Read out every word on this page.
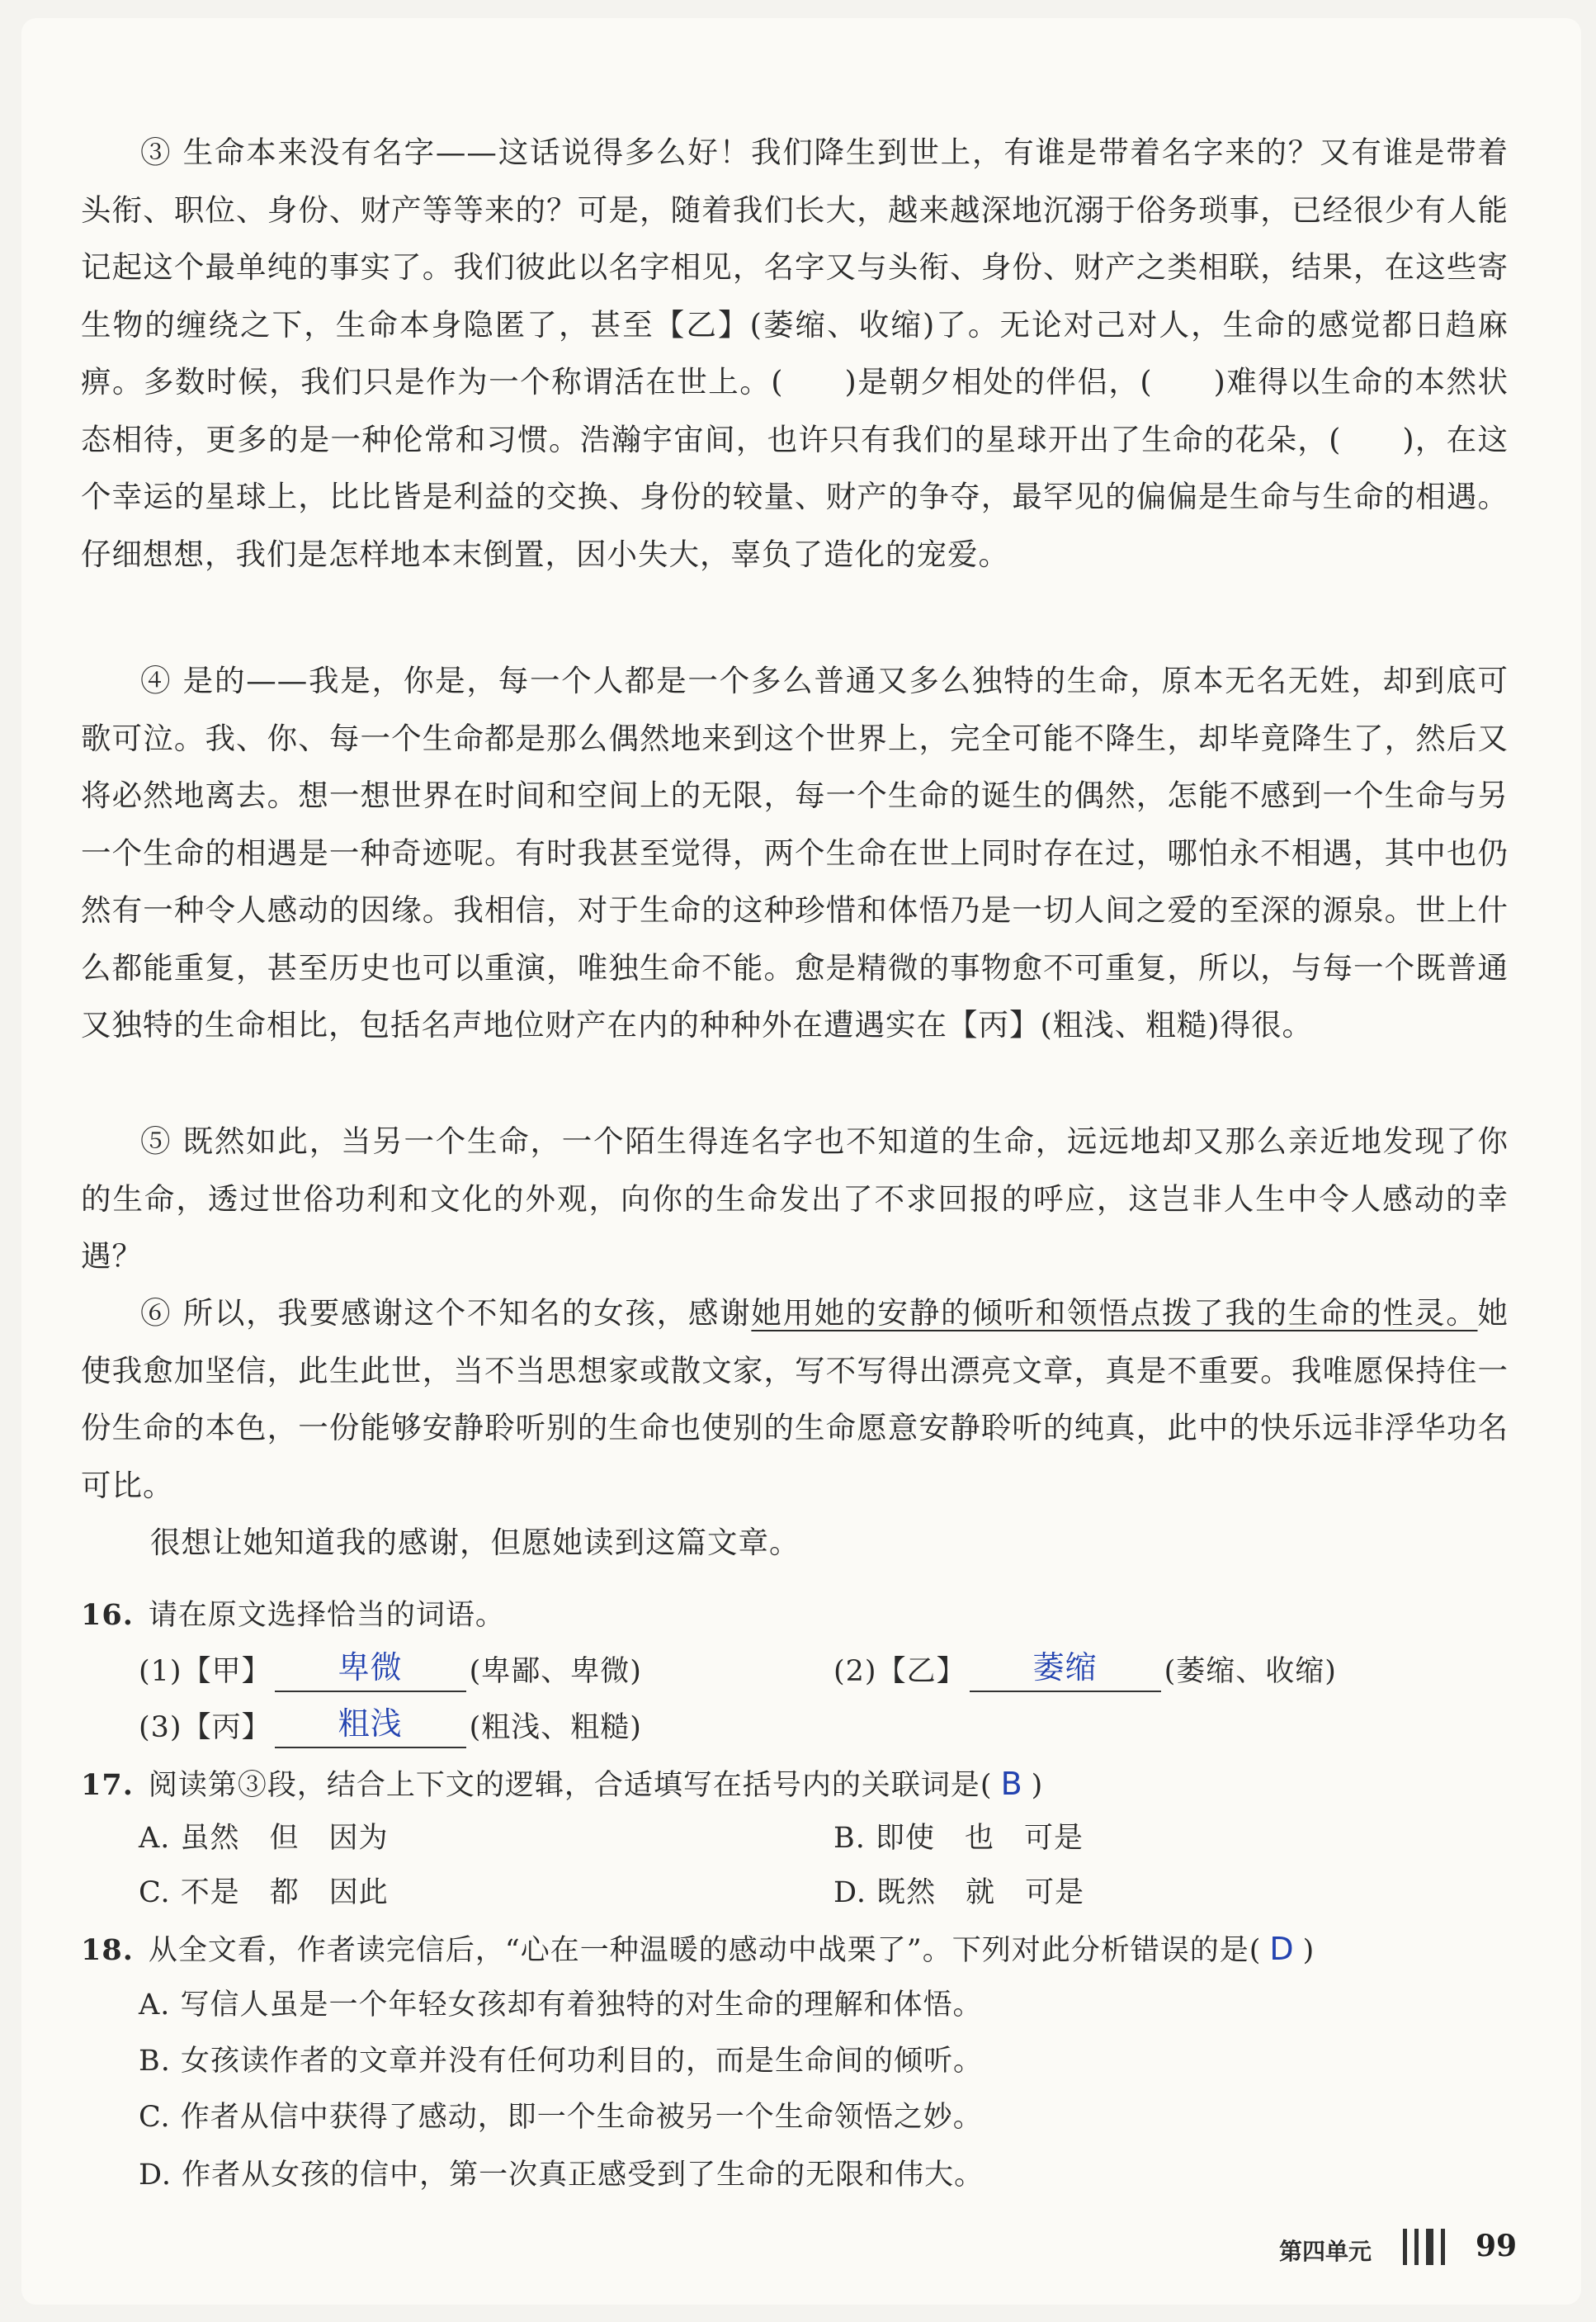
③ 生命本来没有名字——这话说得多么好！我们降生到世上，有谁是带着名字来的？又有谁是带着头衔、职位、身份、财产等等来的？可是，随着我们长大，越来越深地沉溺于俗务琐事，已经很少有人能记起这个最单纯的事实了。我们彼此以名字相见，名字又与头衔、身份、财产之类相联，结果，在这些寄生物的缠绕之下，生命本身隐匿了，甚至【乙】(萎缩、收缩)了。无论对己对人，生命的感觉都日趋麻痹。多数时候，我们只是作为一个称谓活在世上。( )是朝夕相处的伴侣，( )难得以生命的本然状态相待，更多的是一种伦常和习惯。浩瀚宇宙间，也许只有我们的星球开出了生命的花朵，( )，在这个幸运的星球上，比比皆是利益的交换、身份的较量、财产的争夺，最罕见的偏偏是生命与生命的相遇。仔细想想，我们是怎样地本末倒置，因小失大，辜负了造化的宠爱。
④ 是的——我是，你是，每一个人都是一个多么普通又多么独特的生命，原本无名无姓，却到底可歌可泣。我、你、每一个生命都是那么偶然地来到这个世界上，完全可能不降生，却毕竟降生了，然后又将必然地离去。想一想世界在时间和空间上的无限，每一个生命的诞生的偶然，怎能不感到一个生命与另一个生命的相遇是一种奇迹呢。有时我甚至觉得，两个生命在世上同时存在过，哪怕永不相遇，其中也仍然有一种令人感动的因缘。我相信，对于生命的这种珍惜和体悟乃是一切人间之爱的至深的源泉。世上什么都能重复，甚至历史也可以重演，唯独生命不能。愈是精微的事物愈不可重复，所以，与每一个既普通又独特的生命相比，包括名声地位财产在内的种种外在遭遇实在【丙】(粗浅、粗糙)得很。
⑤ 既然如此，当另一个生命，一个陌生得连名字也不知道的生命，远远地却又那么亲近地发现了你的生命，透过世俗功利和文化的外观，向你的生命发出了不求回报的呼应，这岂非人生中令人感动的幸遇？
⑥ 所以，我要感谢这个不知名的女孩，感谢她用她的安静的倾听和领悟点拨了我的生命的性灵。她使我愈加坚信，此生此世，当不当思想家或散文家，写不写得出漂亮文章，真是不重要。我唯愿保持住一份生命的本色，一份能够安静聆听别的生命也使别的生命愿意安静聆听的纯真，此中的快乐远非浮华功名可比。
很想让她知道我的感谢，但愿她读到这篇文章。
16. 请在原文选择恰当的词语。
(1)【甲】	卑微	(卑鄙、卑微)	(2)【乙】	萎缩	(萎缩、收缩)
(3)【丙】	粗浅	(粗浅、粗糙)
17. 阅读第③段，结合上下文的逻辑，合适填写在括号内的关联词是( B )
A. 虽然　但　因为	B. 即使　也　可是
C. 不是　都　因此	D. 既然　就　可是
18. 从全文看，作者读完信后，“心在一种温暖的感动中战栗了”。下列对此分析错误的是( D )
A. 写信人虽是一个年轻女孩却有着独特的对生命的理解和体悟。
B. 女孩读作者的文章并没有任何功利目的，而是生命间的倾听。
C. 作者从信中获得了感动，即一个生命被另一个生命领悟之妙。
D. 作者从女孩的信中，第一次真正感受到了生命的无限和伟大。
第四单元	99
